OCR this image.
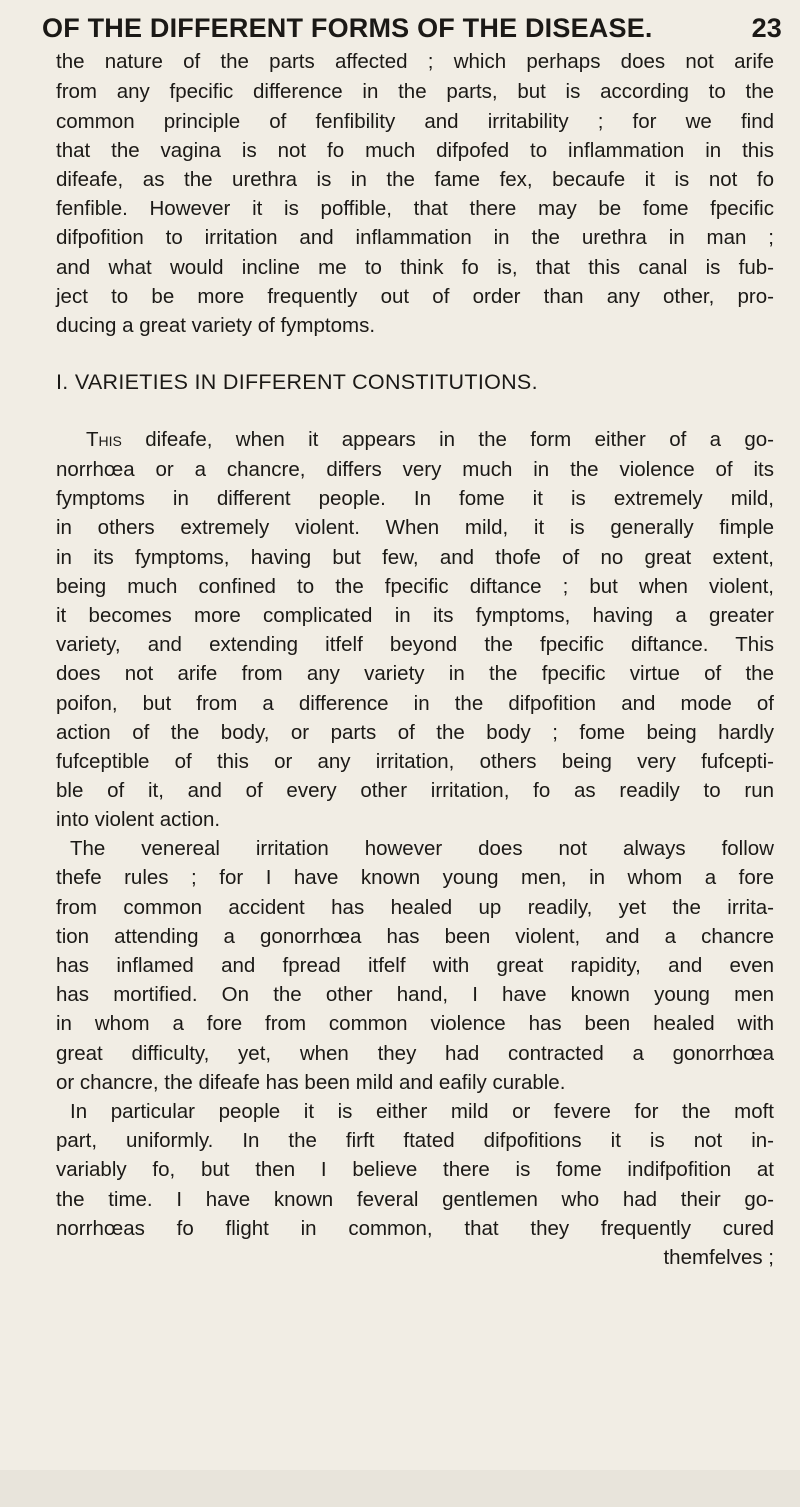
OF THE DIFFERENT FORMS OF THE DISEASE.	23
the nature of the parts affected ; which perhaps does not arife
from any fpecific difference in the parts, but is according to the
common principle of fenfibility and irritability ; for we find
that the vagina is not fo much difpofed to inflammation in this
difeafe, as the urethra is in the fame fex, becaufe it is not fo
fenfible. However it is poffible, that there may be fome fpecific
difpofition to irritation and inflammation in the urethra in man ;
and what would incline me to think fo is, that this canal is fub-
ject to be more frequently out of order than any other, pro-
ducing a great variety of fymptoms.
I. VARIETIES IN DIFFERENT CONSTITUTIONS.
This difeafe, when it appears in the form either of a go-
norrhœa or a chancre, differs very much in the violence of its
fymptoms in different people. In fome it is extremely mild,
in others extremely violent. When mild, it is generally fimple
in its fymptoms, having but few, and thofe of no great extent,
being much confined to the fpecific diftance ; but when violent,
it becomes more complicated in its fymptoms, having a greater
variety, and extending itfelf beyond the fpecific diftance. This
does not arife from any variety in the fpecific virtue of the
poifon, but from a difference in the difpofition and mode of
action of the body, or parts of the body ; fome being hardly
fufceptible of this or any irritation, others being very fufcepti-
ble of it, and of every other irritation, fo as readily to run
into violent action.
The venereal irritation however does not always follow
thefe rules ; for I have known young men, in whom a fore
from common accident has healed up readily, yet the irrita-
tion attending a gonorrhœa has been violent, and a chancre
has inflamed and fpread itfelf with great rapidity, and even
has mortified. On the other hand, I have known young men
in whom a fore from common violence has been healed with
great difficulty, yet, when they had contracted a gonorrhœa
or chancre, the difeafe has been mild and eafily curable.
In particular people it is either mild or fevere for the moft
part, uniformly. In the firft ftated difpofitions it is not in-
variably fo, but then I believe there is fome indifpofition at
the time. I have known feveral gentlemen who had their go-
norrhœas fo flight in common, that they frequently cured
themfelves ;
